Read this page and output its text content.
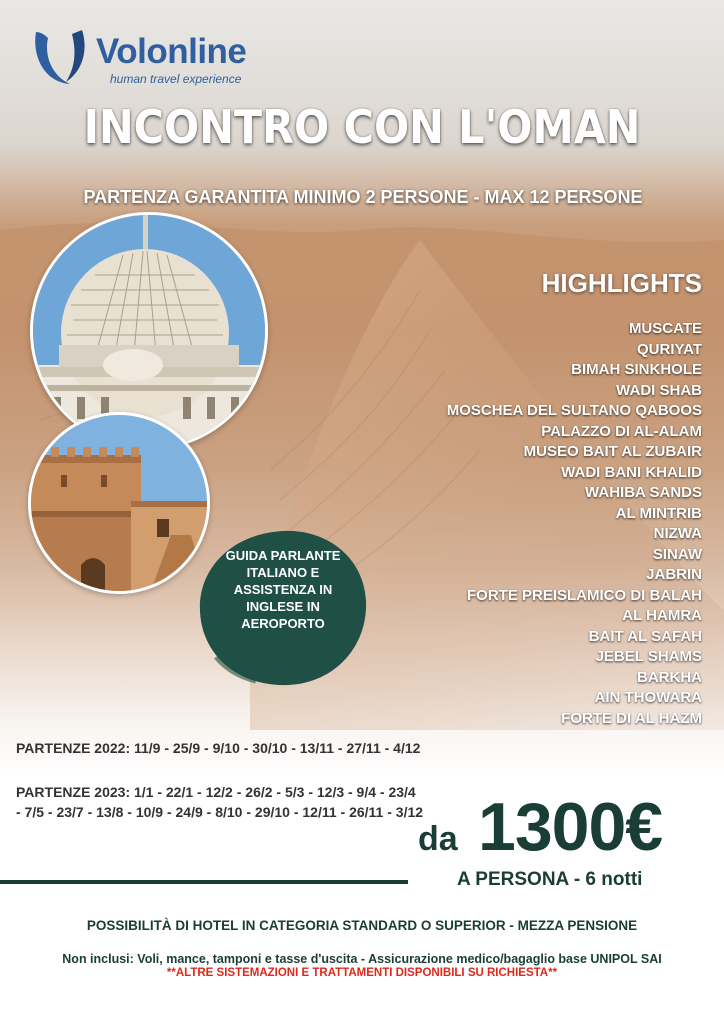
Volonline
human travel experience
INCONTRO CON L'OMAN
PARTENZA GARANTITA MINIMO 2 PERSONE - MAX 12 PERSONE
GUIDA PARLANTE ITALIANO E ASSISTENZA IN INGLESE IN AEROPORTO
HIGHLIGHTS
MUSCATE
QURIYAT
BIMAH SINKHOLE
WADI SHAB
MOSCHEA DEL SULTANO QABOOS
PALAZZO DI AL-ALAM
MUSEO BAIT AL ZUBAIR
WADI BANI KHALID
WAHIBA SANDS
AL MINTRIB
NIZWA
SINAW
JABRIN
FORTE PREISLAMICO DI BALAH
AL HAMRA
BAIT AL SAFAH
JEBEL SHAMS
BARKHA
AIN THOWARA
FORTE DI AL HAZM
PARTENZE 2022: 11/9 - 25/9 - 9/10 - 30/10 - 13/11 - 27/11 - 4/12
PARTENZE 2023: 1/1 - 22/1 - 12/2 - 26/2 - 5/3 - 12/3 - 9/4 - 23/4 - 7/5 - 23/7 - 13/8 - 10/9 - 24/9 - 8/10 - 29/10 - 12/11 - 26/11 - 3/12
da 1300€
A PERSONA - 6 notti
POSSIBILITÀ DI HOTEL IN CATEGORIA STANDARD O SUPERIOR - MEZZA PENSIONE
Non inclusi: Voli, mance, tamponi e tasse d'uscita - Assicurazione medico/bagaglio base UNIPOL SAI
**ALTRE SISTEMAZIONI E TRATTAMENTI DISPONIBILI SU RICHIESTA**
